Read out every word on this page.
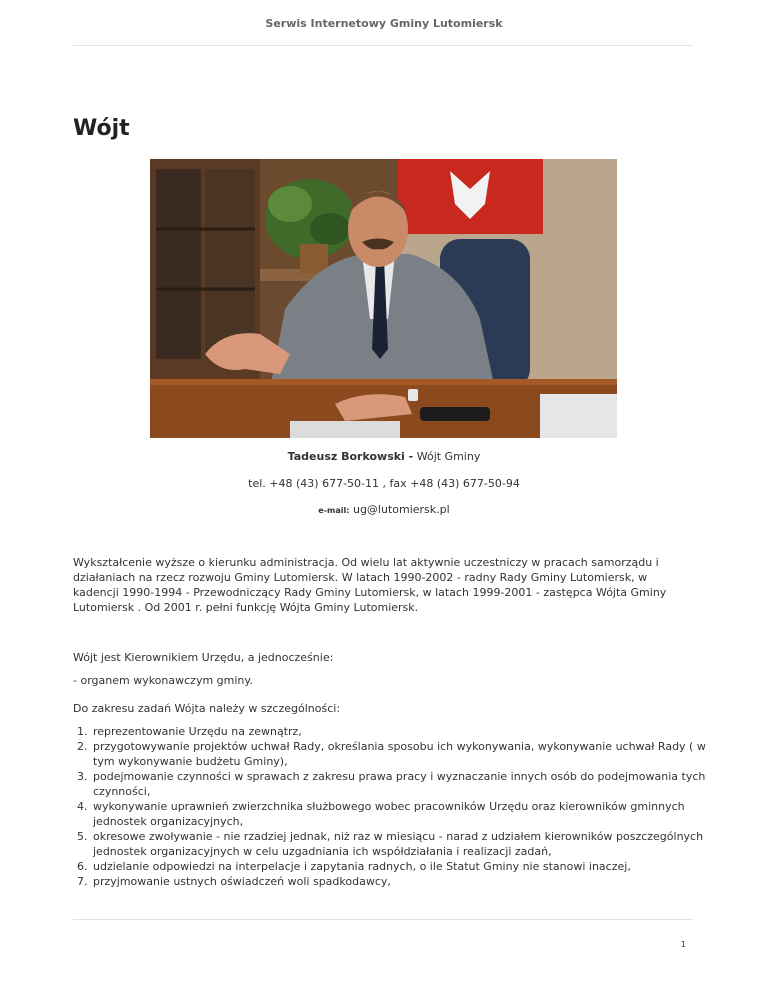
Serwis Internetowy Gminy Lutomiersk
Wójt
Tadeusz Borkowski - Wójt Gminy
tel. +48 (43) 677-50-11 , fax +48 (43) 677-50-94
e-mail: ug@lutomiersk.pl

Wykształcenie wyższe o kierunku administracja. Od wielu lat aktywnie uczestniczy w pracach samorządu i działaniach na rzecz rozwoju Gminy Lutomiersk. W latach 1990-2002 - radny Rady Gminy Lutomiersk, w kadencji 1990-1994 - Przewodniczący Rady Gminy Lutomiersk, w latach 1999-2001 - zastępca Wójta Gminy Lutomiersk . Od 2001 r. pełni funkcję Wójta Gminy Lutomiersk.

Wójt jest Kierownikiem Urzędu, a jednocześnie:

- organem wykonawczym gminy.

Do zakresu zadań Wójta należy w szczególności:

1. reprezentowanie Urzędu na zewnątrz,
2. przygotowywanie projektów uchwał Rady, określania sposobu ich wykonywania, wykonywanie uchwał Rady ( w tym wykonywanie budżetu Gminy),
3. podejmowanie czynności w sprawach z zakresu prawa pracy i wyznaczanie innych osób do podejmowania tych czynności,
4. wykonywanie uprawnień zwierzchnika służbowego wobec pracowników Urzędu oraz kierowników gminnych jednostek organizacyjnych,
5. okresowe zwoływanie - nie rzadziej jednak, niż raz w miesiącu - narad z udziałem kierowników poszczególnych jednostek organizacyjnych w celu uzgadniania ich współdziałania i realizacji zadań,
6. udzielanie odpowiedzi na interpelacje i zapytania radnych, o ile Statut Gminy nie stanowi inaczej,
7. przyjmowanie ustnych oświadczeń woli spadkodawcy,
1
